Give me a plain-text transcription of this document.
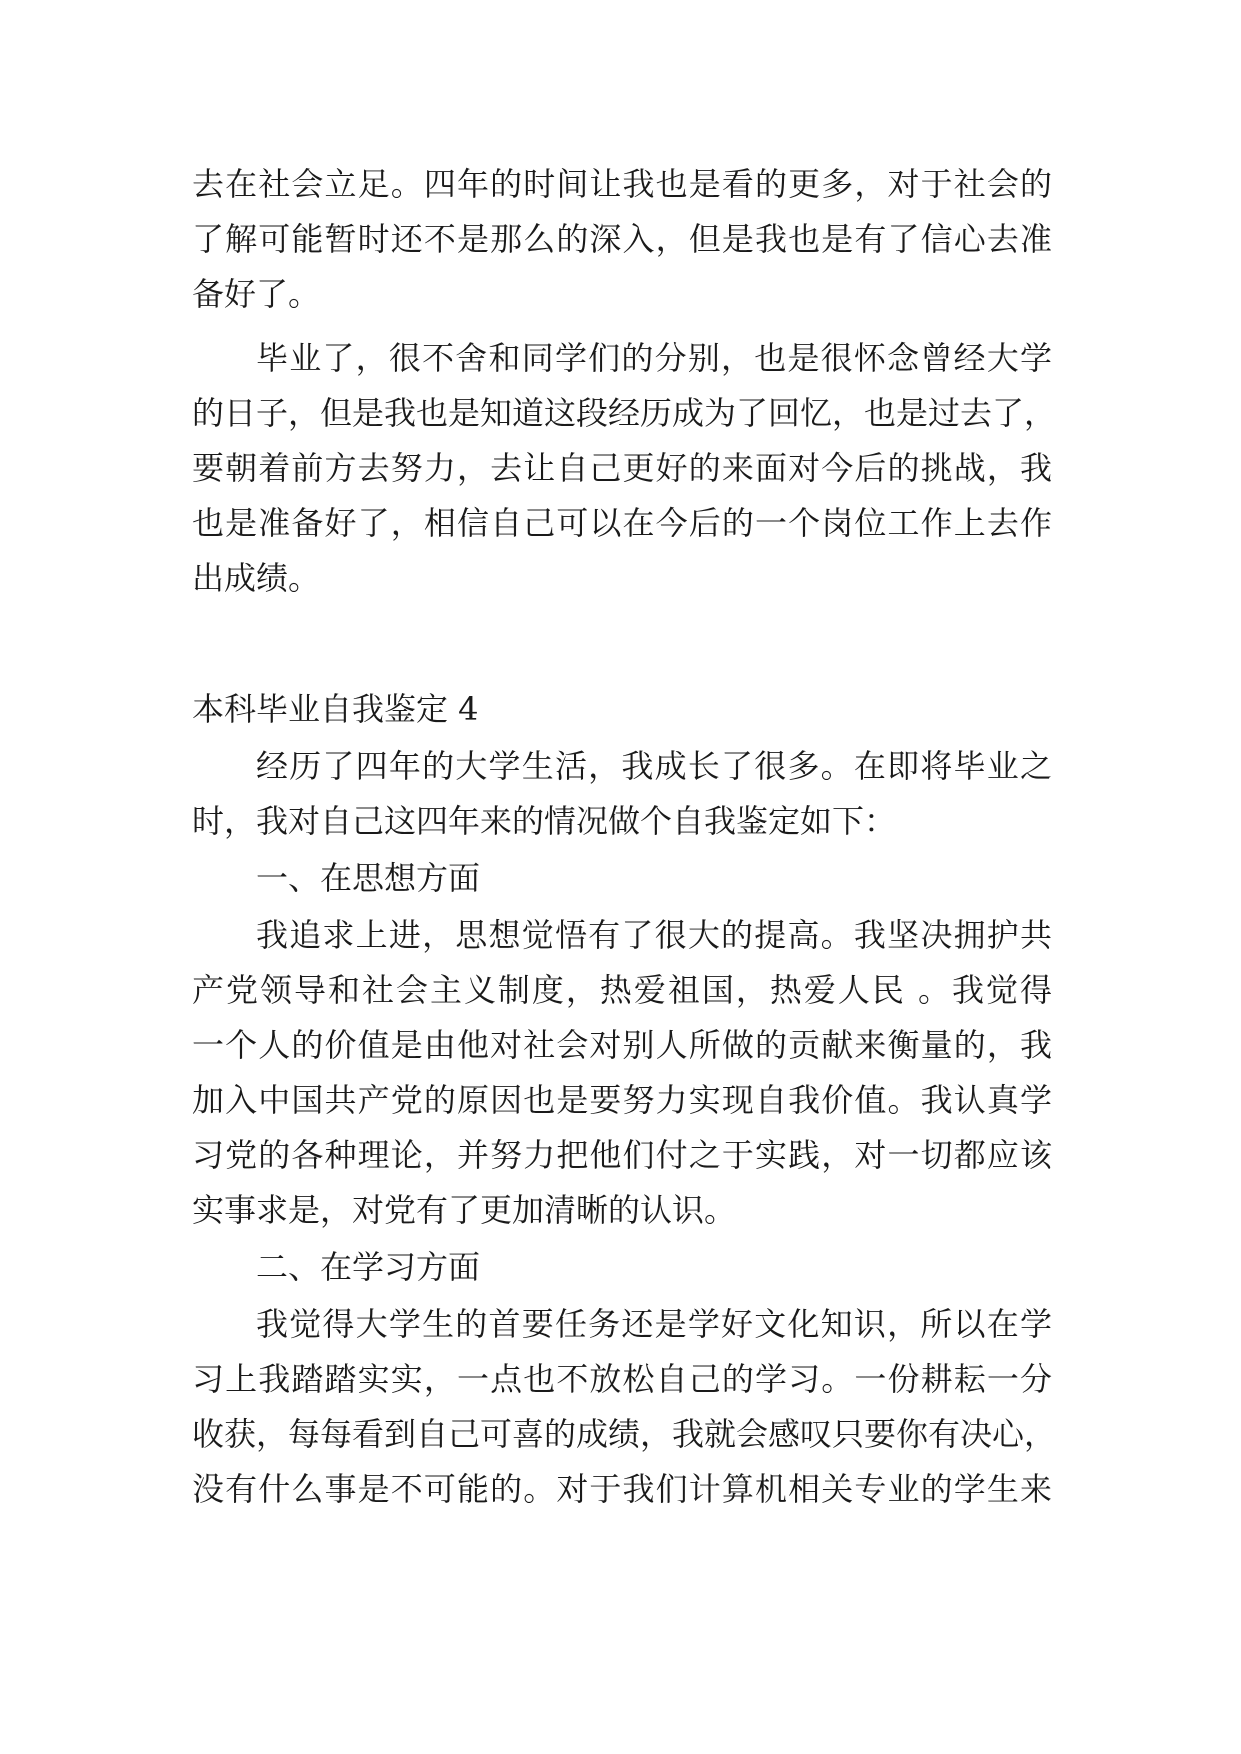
去在社会立足。四年的时间让我也是看的更多，对于社会的
了解可能暂时还不是那么的深入，但是我也是有了信心去准
备好了。
毕业了，很不舍和同学们的分别，也是很怀念曾经大学
的日子，但是我也是知道这段经历成为了回忆，也是过去了，
要朝着前方去努力，去让自己更好的来面对今后的挑战，我
也是准备好了，相信自己可以在今后的一个岗位工作上去作
出成绩。
本科毕业自我鉴定 4
经历了四年的大学生活，我成长了很多。在即将毕业之
时，我对自己这四年来的情况做个自我鉴定如下：
一、在思想方面
我追求上进，思想觉悟有了很大的提高。我坚决拥护共
产党领导和社会主义制度，热爱祖国，热爱人民 。我觉得
一个人的价值是由他对社会对别人所做的贡献来衡量的，我
加入中国共产党的原因也是要努力实现自我价值。我认真学
习党的各种理论，并努力把他们付之于实践，对一切都应该
实事求是，对党有了更加清晰的认识。
二、在学习方面
我觉得大学生的首要任务还是学好文化知识，所以在学
习上我踏踏实实，一点也不放松自己的学习。一份耕耘一分
收获，每每看到自己可喜的成绩，我就会感叹只要你有决心，
没有什么事是不可能的。对于我们计算机相关专业的学生来
